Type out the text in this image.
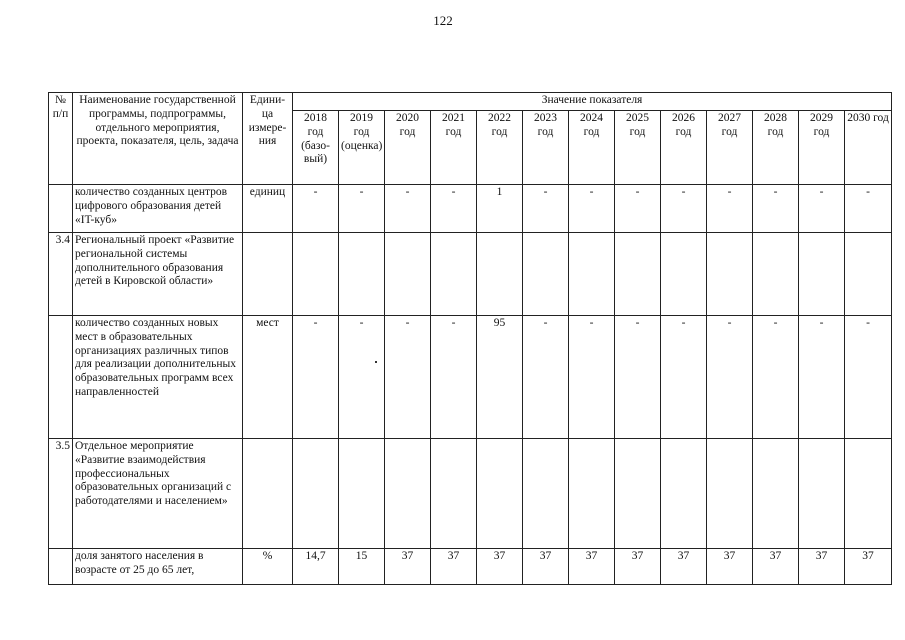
122
№ п/п	Наименование государственной программы, подпрограммы, отдельного мероприятия, проекта, показателя, цель, задача	Едини- ца измере- ния	Значение показателя												
			2018 год (базо- вый)	2019 год (оценка)	2020 год	2021 год	2022 год	2023 год	2024 год	2025 год	2026 год	2027 год	2028 год	2029 год	2030 год
	количество созданных центров цифрового образования детей «IT-куб»	единиц	-	-	-	-	1	-	-	-	-	-	-	-	-
3.4	Региональный проект «Развитие региональной системы дополнительного образования детей в Кировской области»														
	количество созданных новых мест в образовательных организациях различных типов для реализации дополнительных образовательных программ всех направленностей	мест	-	-	-	-	95	-	-	-	-	-	-	-	-
3.5	Отдельное мероприятие «Развитие взаимодействия профессиональных образовательных организаций с работодателями и населением»														
	доля занятого населения в возрасте от 25 до 65 лет,	%	14,7	15	37	37	37	37	37	37	37	37	37	37	37
